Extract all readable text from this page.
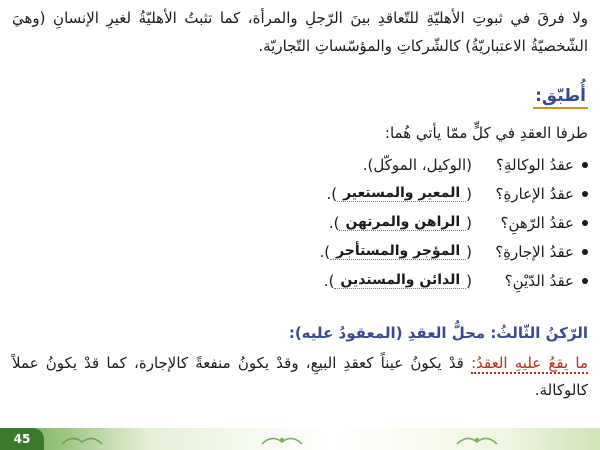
ولا فرقَ في ثبوتِ الأهليّةِ للتّعاقدِ بينَ الرّجلِ والمرأة، كما تثبتُ الأهليّةُ لغيرِ الإنسانِ (وهيَ الشّخصيّةُ الاعتباريّةُ) كالشّركاتِ والمؤسّساتِ التّجاريّة.
أُطبّق:
طرفا العقدِ في كلٍّ ممّا يأتي هُما:
عقدُ الوكالةِ؟
(الوكيل، الموكّل).
عقدُ الإعارةِ؟
(
المعير والمستعير
).
عقدُ الرّهنِ؟
(
الراهن والمرتهن
).
عقدُ الإجارةِ؟
(
المؤجر والمستأجر
).
عقدُ الدّيْنِ؟
(
الدائن والمستدين
).
الرّكنُ الثّالثُ: محلُّ العقدِ (المعقودُ عليه):
ما يقعُ عليهِ العقدُ: قدْ يكونُ عيناً كعقدِ البيعِ، وقدْ يكونُ منفعةً كالإجارة، كما قدْ يكونُ عملاً كالوكالة.
45
